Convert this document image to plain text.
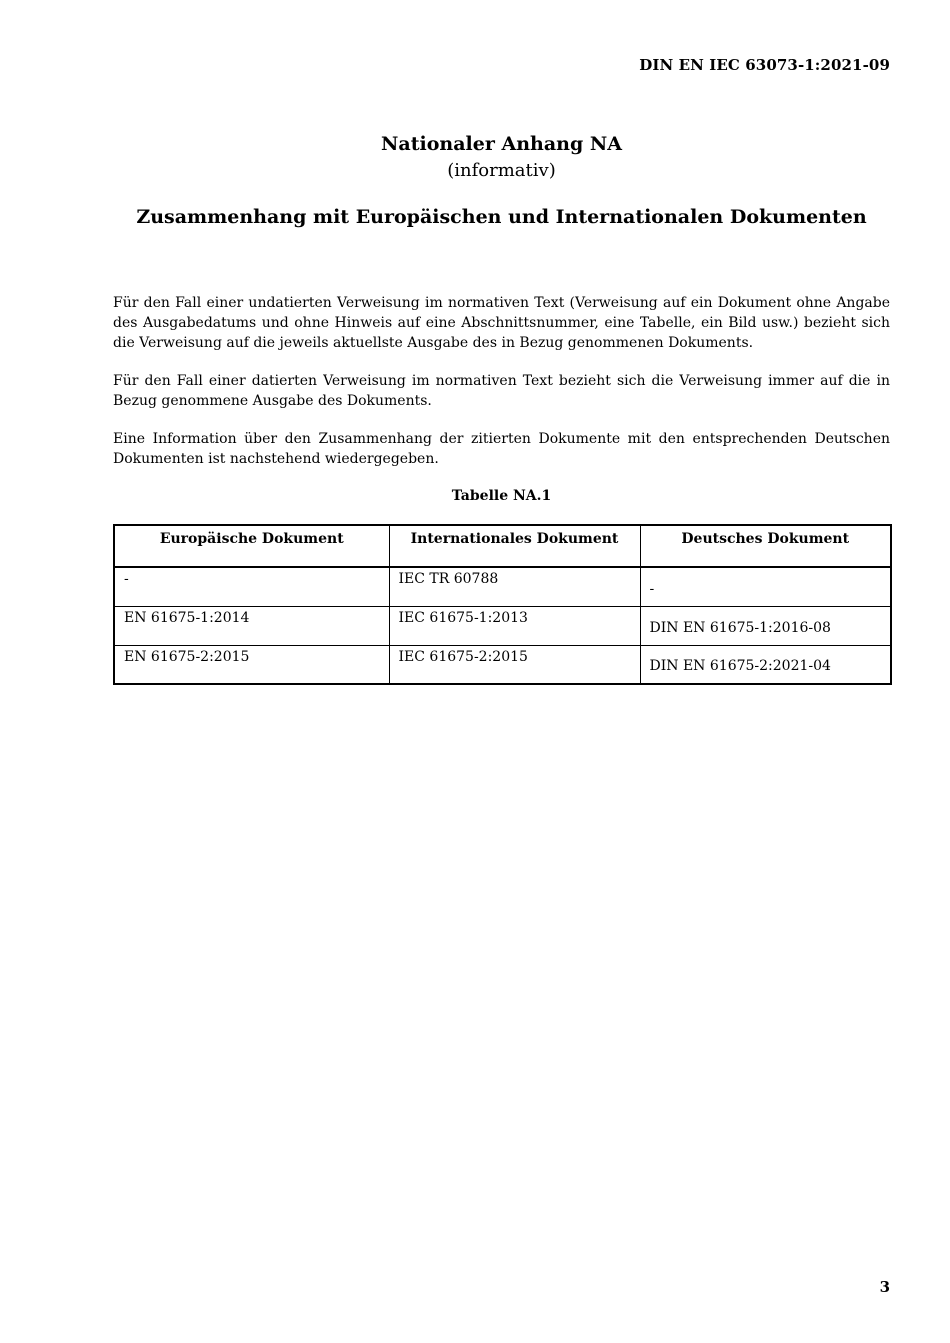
DIN EN IEC 63073-1:2021-09
Nationaler Anhang NA
(informativ)
Zusammenhang mit Europäischen und Internationalen Dokumenten

Für den Fall einer undatierten Verweisung im normativen Text (Verweisung auf ein Dokument ohne Angabe des Ausgabedatums und ohne Hinweis auf eine Abschnittsnummer, eine Tabelle, ein Bild usw.) bezieht sich die Verweisung auf die jeweils aktuellste Ausgabe des in Bezug genommenen Dokuments.

Für den Fall einer datierten Verweisung im normativen Text bezieht sich die Verweisung immer auf die in Bezug genommene Ausgabe des Dokuments.

Eine Information über den Zusammenhang der zitierten Dokumente mit den entsprechenden Deutschen Dokumenten ist nachstehend wiedergegeben.

Tabelle NA.1
Europäische Dokument	Internationales Dokument	Deutsches Dokument
-	IEC TR 60788	-
EN 61675-1:2014	IEC 61675-1:2013	DIN EN 61675-1:2016-08
EN 61675-2:2015	IEC 61675-2:2015	DIN EN 61675-2:2021-04
3
